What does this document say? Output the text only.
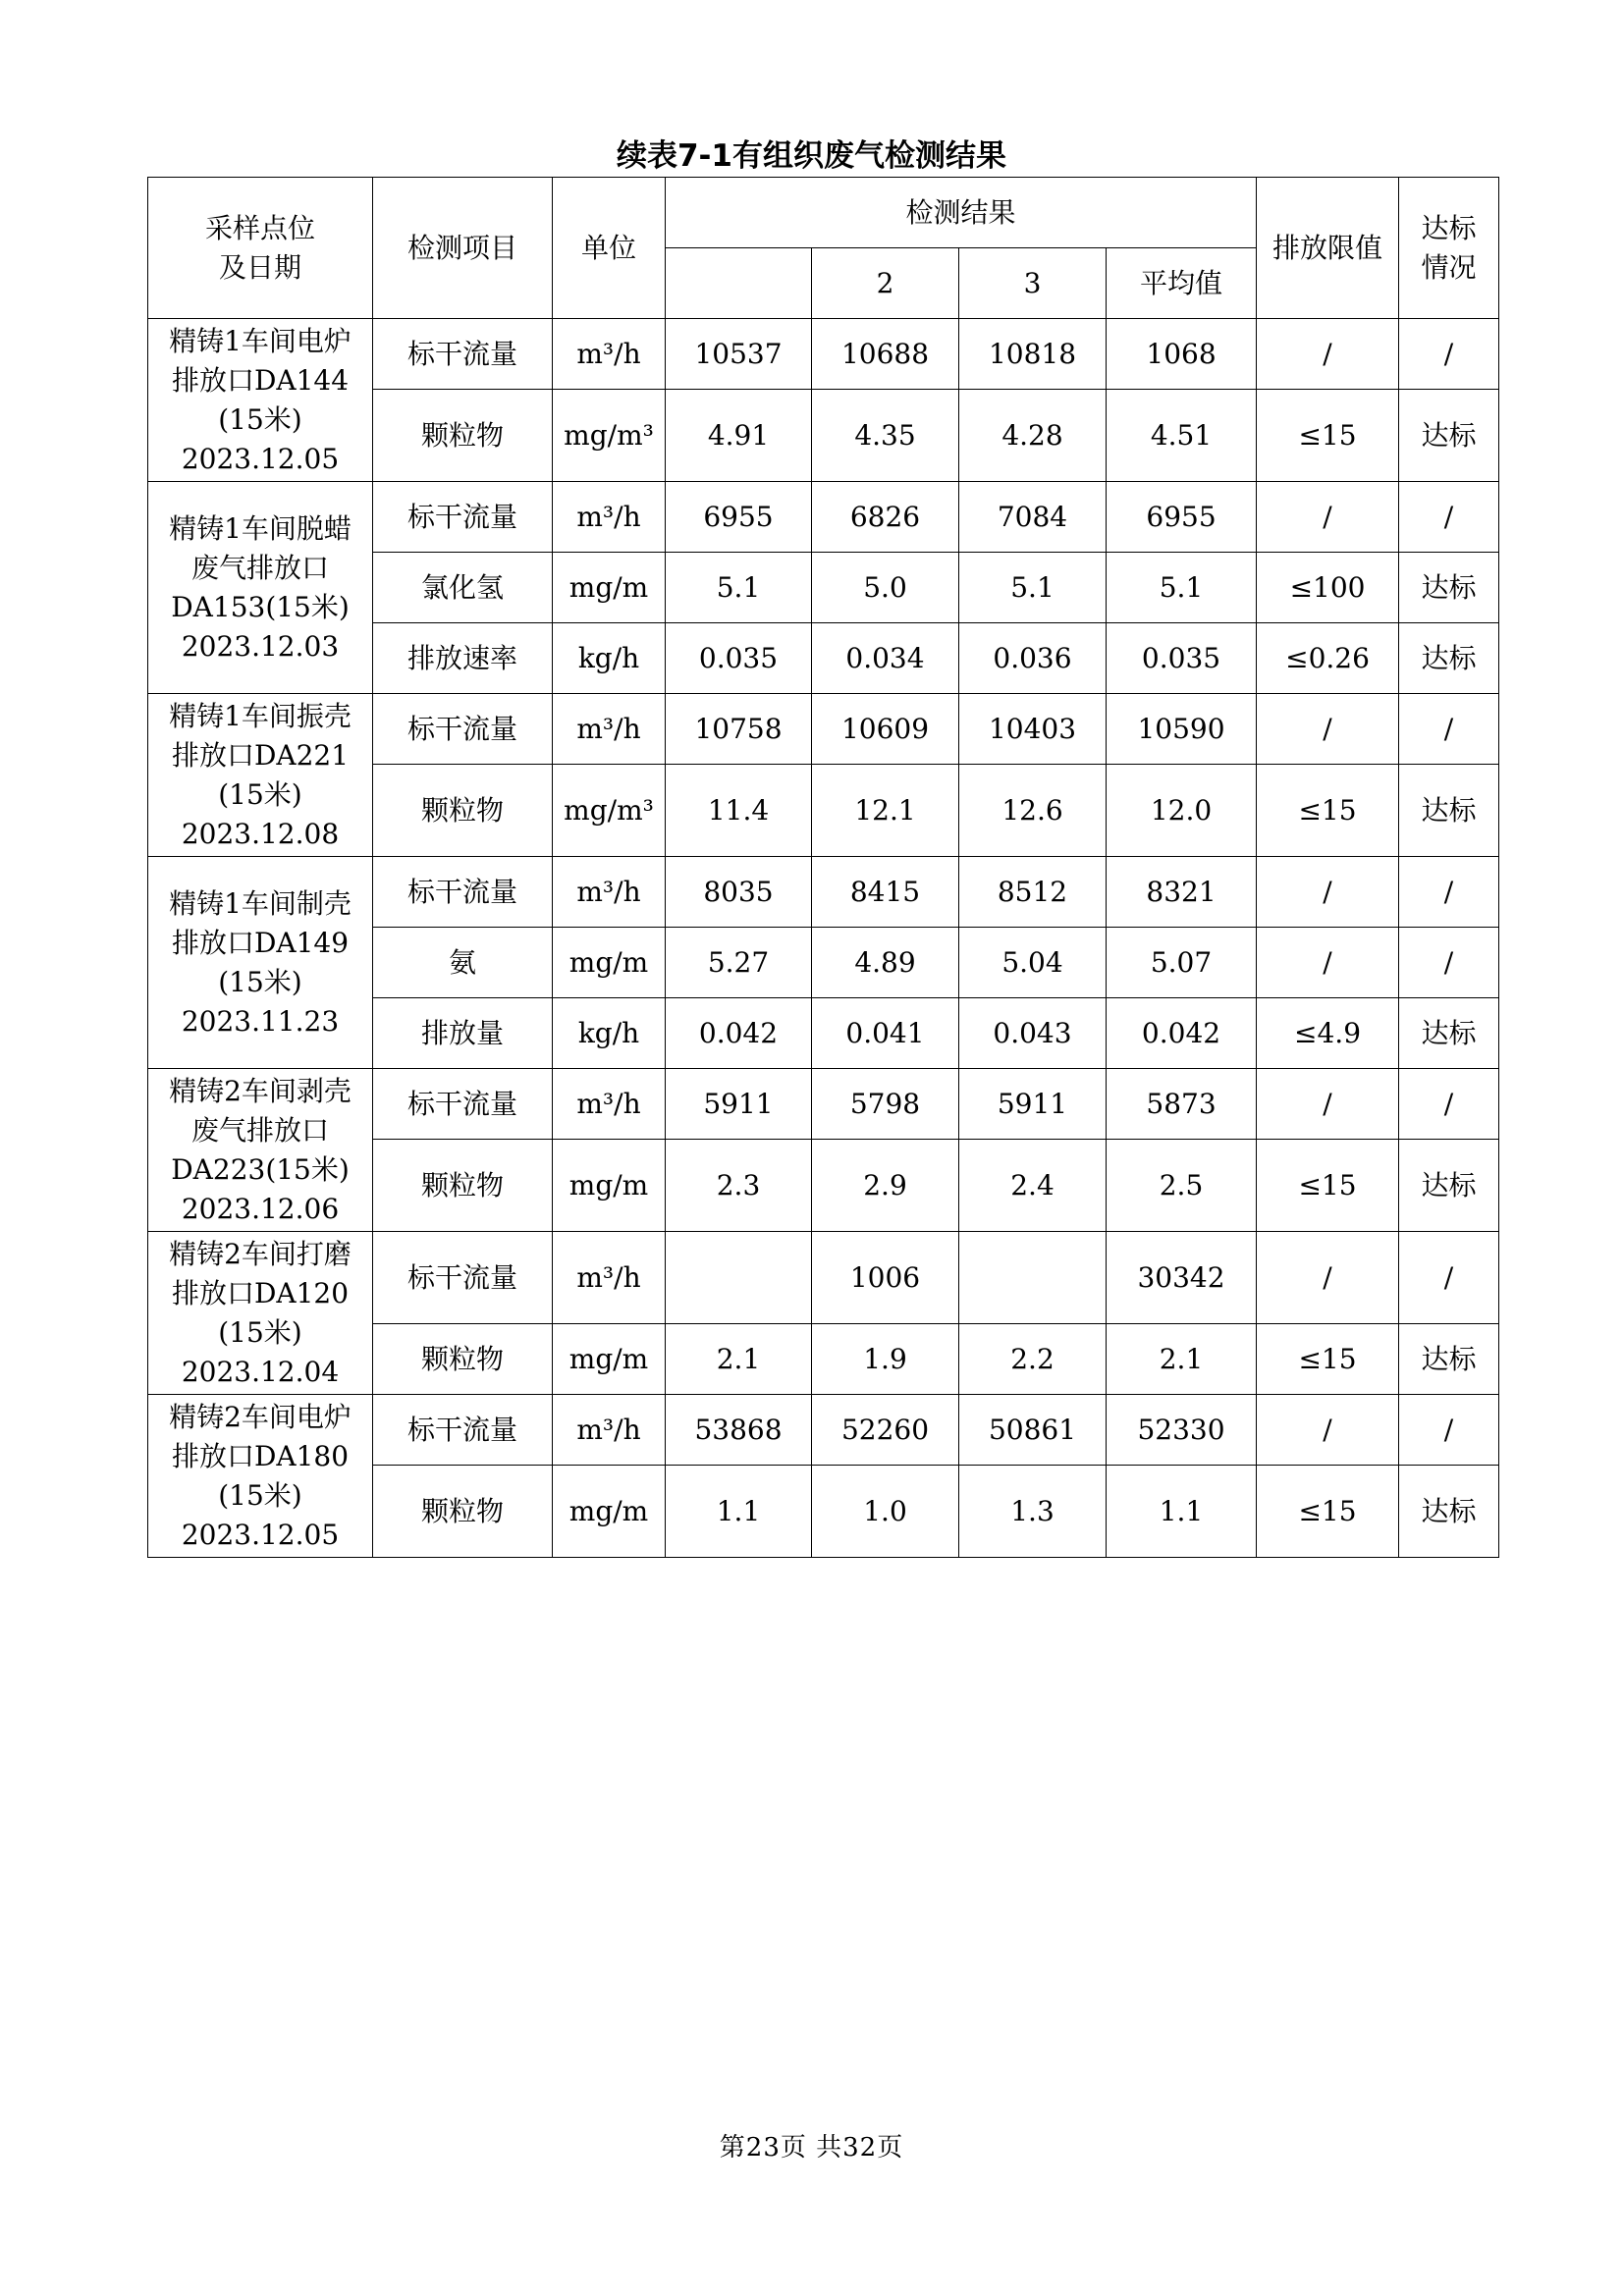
续表7-1有组织废气检测结果
采样点位
及日期	检测项目	单位	检测结果				排放限值	达标
情况

				2	3	平均值		

精铸1车间电炉
排放口DA144
(15米)
2023.12.05	标干流量	m³/h	10537	10688	10818	1068	/	/
	颗粒物	mg/m³	4.91	4.35	4.28	4.51	≤15	达标

精铸1车间脱蜡
废气排放口
DA153(15米)
2023.12.03	标干流量	m³/h	6955	6826	7084	6955	/	/
	氯化氢	mg/m	5.1	5.0	5.1	5.1	≤100	达标
	排放速率	kg/h	0.035	0.034	0.036	0.035	≤0.26	达标

精铸1车间振壳
排放口DA221
(15米)
2023.12.08	标干流量	m³/h	10758	10609	10403	10590	/	/
	颗粒物	mg/m³	11.4	12.1	12.6	12.0	≤15	达标

精铸1车间制壳
排放口DA149
(15米)
2023.11.23	标干流量	m³/h	8035	8415	8512	8321	/	/
	氨	mg/m	5.27	4.89	5.04	5.07	/	/
	排放量	kg/h	0.042	0.041	0.043	0.042	≤4.9	达标

精铸2车间剥壳
废气排放口
DA223(15米)
2023.12.06	标干流量	m³/h	5911	5798	5911	5873	/	/
	颗粒物	mg/m	2.3	2.9	2.4	2.5	≤15	达标

精铸2车间打磨
排放口DA120
(15米)
2023.12.04	标干流量	m³/h		1006		30342	/	/
	颗粒物	mg/m	2.1	1.9	2.2	2.1	≤15	达标

精铸2车间电炉
排放口DA180
(15米)
2023.12.05	标干流量	m³/h	53868	52260	50861	52330	/	/
	颗粒物	mg/m	1.1	1.0	1.3	1.1	≤15	达标
第23页 共32页
